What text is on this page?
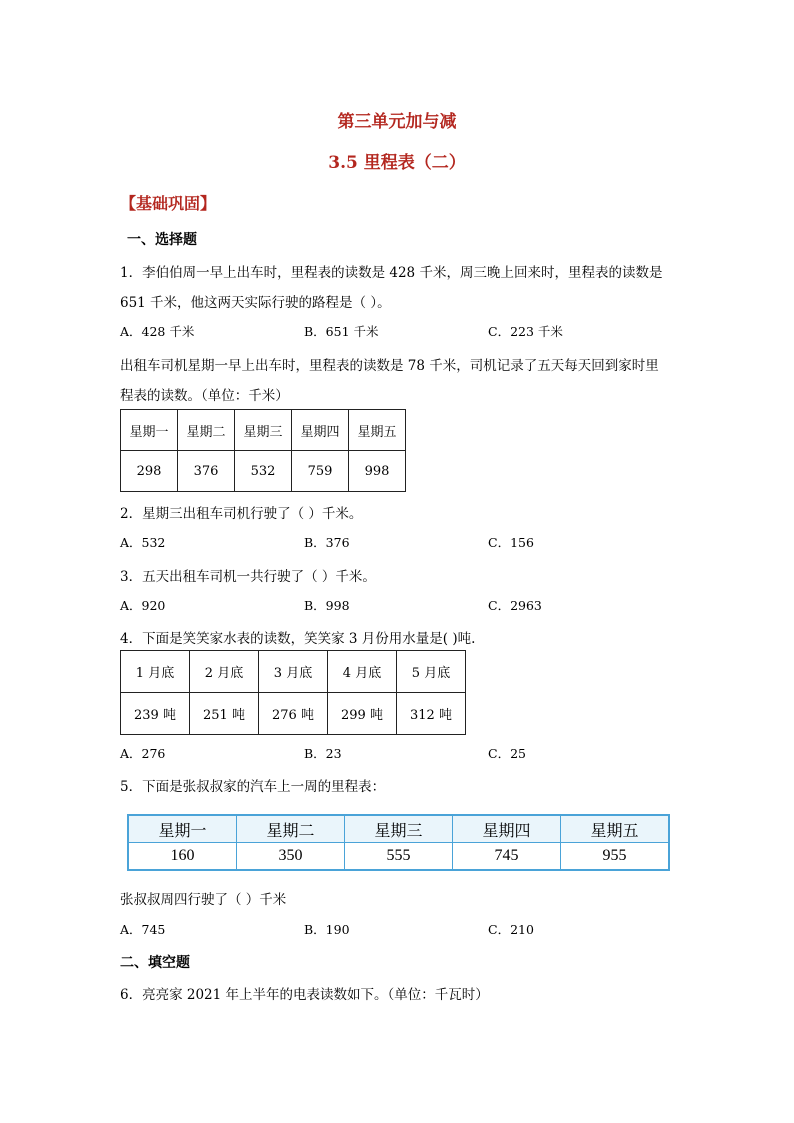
第三单元加与减
3.5 里程表（二）
【基础巩固】
一、选择题
1．李伯伯周一早上出车时，里程表的读数是 428 千米，周三晚上回来时，里程表的读数是
651 千米，他这两天实际行驶的路程是（ ）。
A．428 千米	B．651 千米	C．223 千米
出租车司机星期一早上出车时，里程表的读数是 78 千米，司机记录了五天每天回到家时里
程表的读数。（单位：千米）
星期一	星期二	星期三	星期四	星期五
298	376	532	759	998
2．星期三出租车司机行驶了（ ）千米。
A．532	B．376	C．156
3．五天出租车司机一共行驶了（ ）千米。
A．920	B．998	C．2963
4．下面是笑笑家水表的读数，笑笑家 3 月份用水量是( )吨.
1 月底	2 月底	3 月底	4 月底	5 月底
239 吨	251 吨	276 吨	299 吨	312 吨
A．276	B．23	C．25
5．下面是张叔叔家的汽车上一周的里程表：
星期一	星期二	星期三	星期四	星期五
160	350	555	745	955
张叔叔周四行驶了（ ）千米
A．745	B．190	C．210
二、填空题
6．亮亮家 2021 年上半年的电表读数如下。（单位：千瓦时）
